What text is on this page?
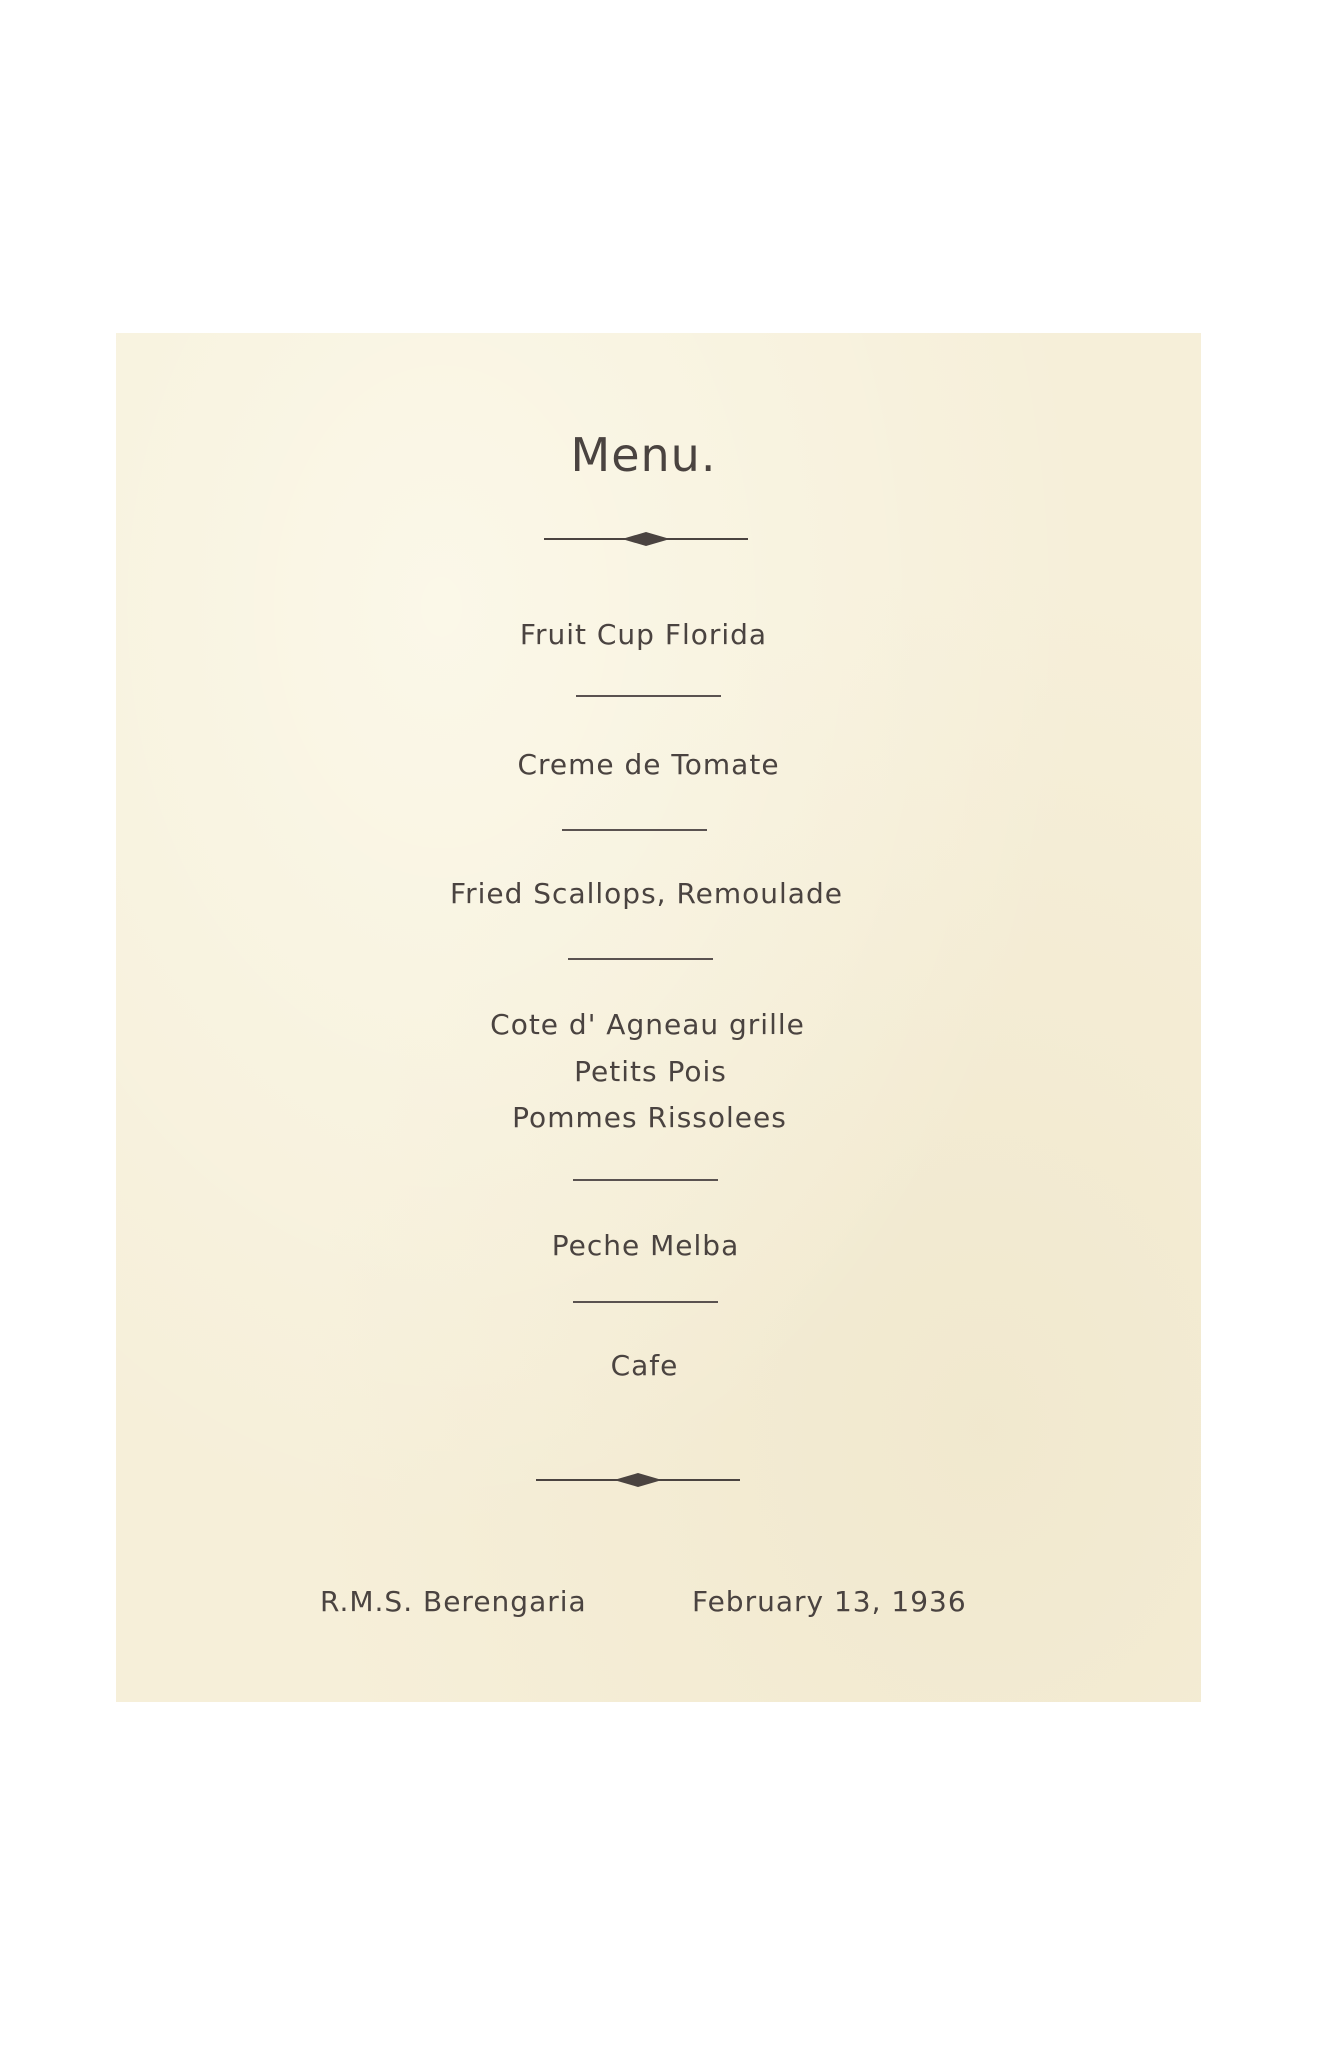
Menu.
Fruit Cup Florida
Creme de Tomate
Fried Scallops, Remoulade
Cote d' Agneau grille
Petits Pois
Pommes Rissolees
Peche Melba
Cafe
R.M.S. Berengaria	February 13, 1936
